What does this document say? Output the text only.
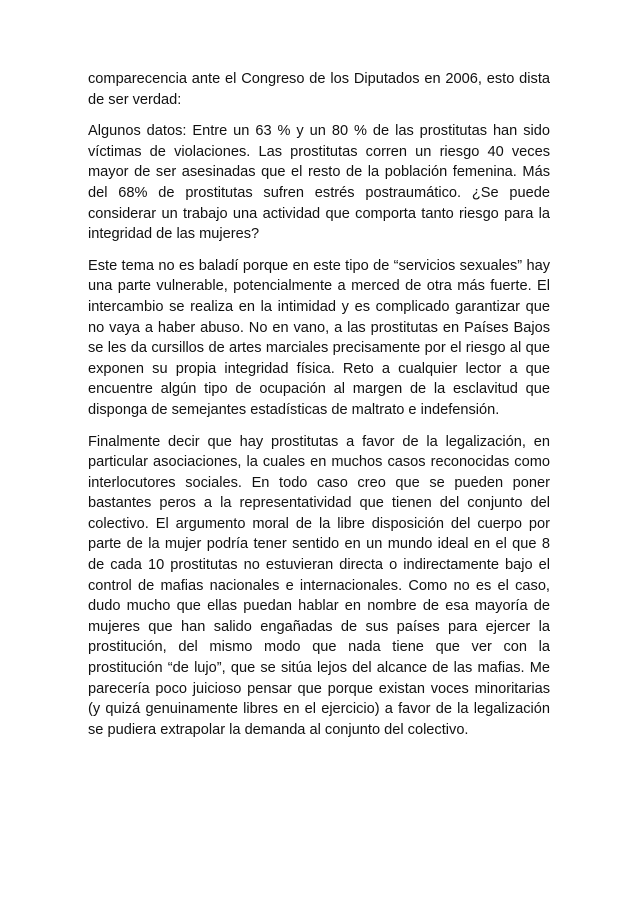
comparecencia ante el Congreso de los Diputados en 2006, esto dista de ser verdad:

Algunos datos: Entre un 63 % y un 80 % de las prostitutas han sido víctimas de violaciones. Las prostitutas corren un riesgo 40 veces mayor de ser asesinadas que el resto de la población femenina. Más del 68% de prostitutas sufren estrés postraumático. ¿Se puede considerar un trabajo una actividad que comporta tanto riesgo para la integridad de las mujeres?

Este tema no es baladí porque en este tipo de “servicios sexuales” hay una parte vulnerable, potencialmente a merced de otra más fuerte. El intercambio se realiza en la intimidad y es complicado garantizar que no vaya a haber abuso. No en vano, a las prostitutas en Países Bajos se les da cursillos de artes marciales precisamente por el riesgo al que exponen su propia integridad física. Reto a cualquier lector a que encuentre algún tipo de ocupación al margen de la esclavitud que disponga de semejantes estadísticas de maltrato e indefensión.

Finalmente decir que hay prostitutas a favor de la legalización, en particular asociaciones, la cuales en muchos casos reconocidas como interlocutores sociales. En todo caso creo que se pueden poner bastantes peros a la representatividad que tienen del conjunto del colectivo. El argumento moral de la libre disposición del cuerpo por parte de la mujer podría tener sentido en un mundo ideal en el que 8 de cada 10 prostitutas no estuvieran directa o indirectamente bajo el control de mafias nacionales e internacionales. Como no es el caso, dudo mucho que ellas puedan hablar en nombre de esa mayoría de mujeres que han salido engañadas de sus países para ejercer la prostitución, del mismo modo que nada tiene que ver con la prostitución “de lujo”, que se sitúa lejos del alcance de las mafias. Me parecería poco juicioso pensar que porque existan voces minoritarias (y quizá genuinamente libres en el ejercicio) a favor de la legalización se pudiera extrapolar la demanda al conjunto del colectivo.
